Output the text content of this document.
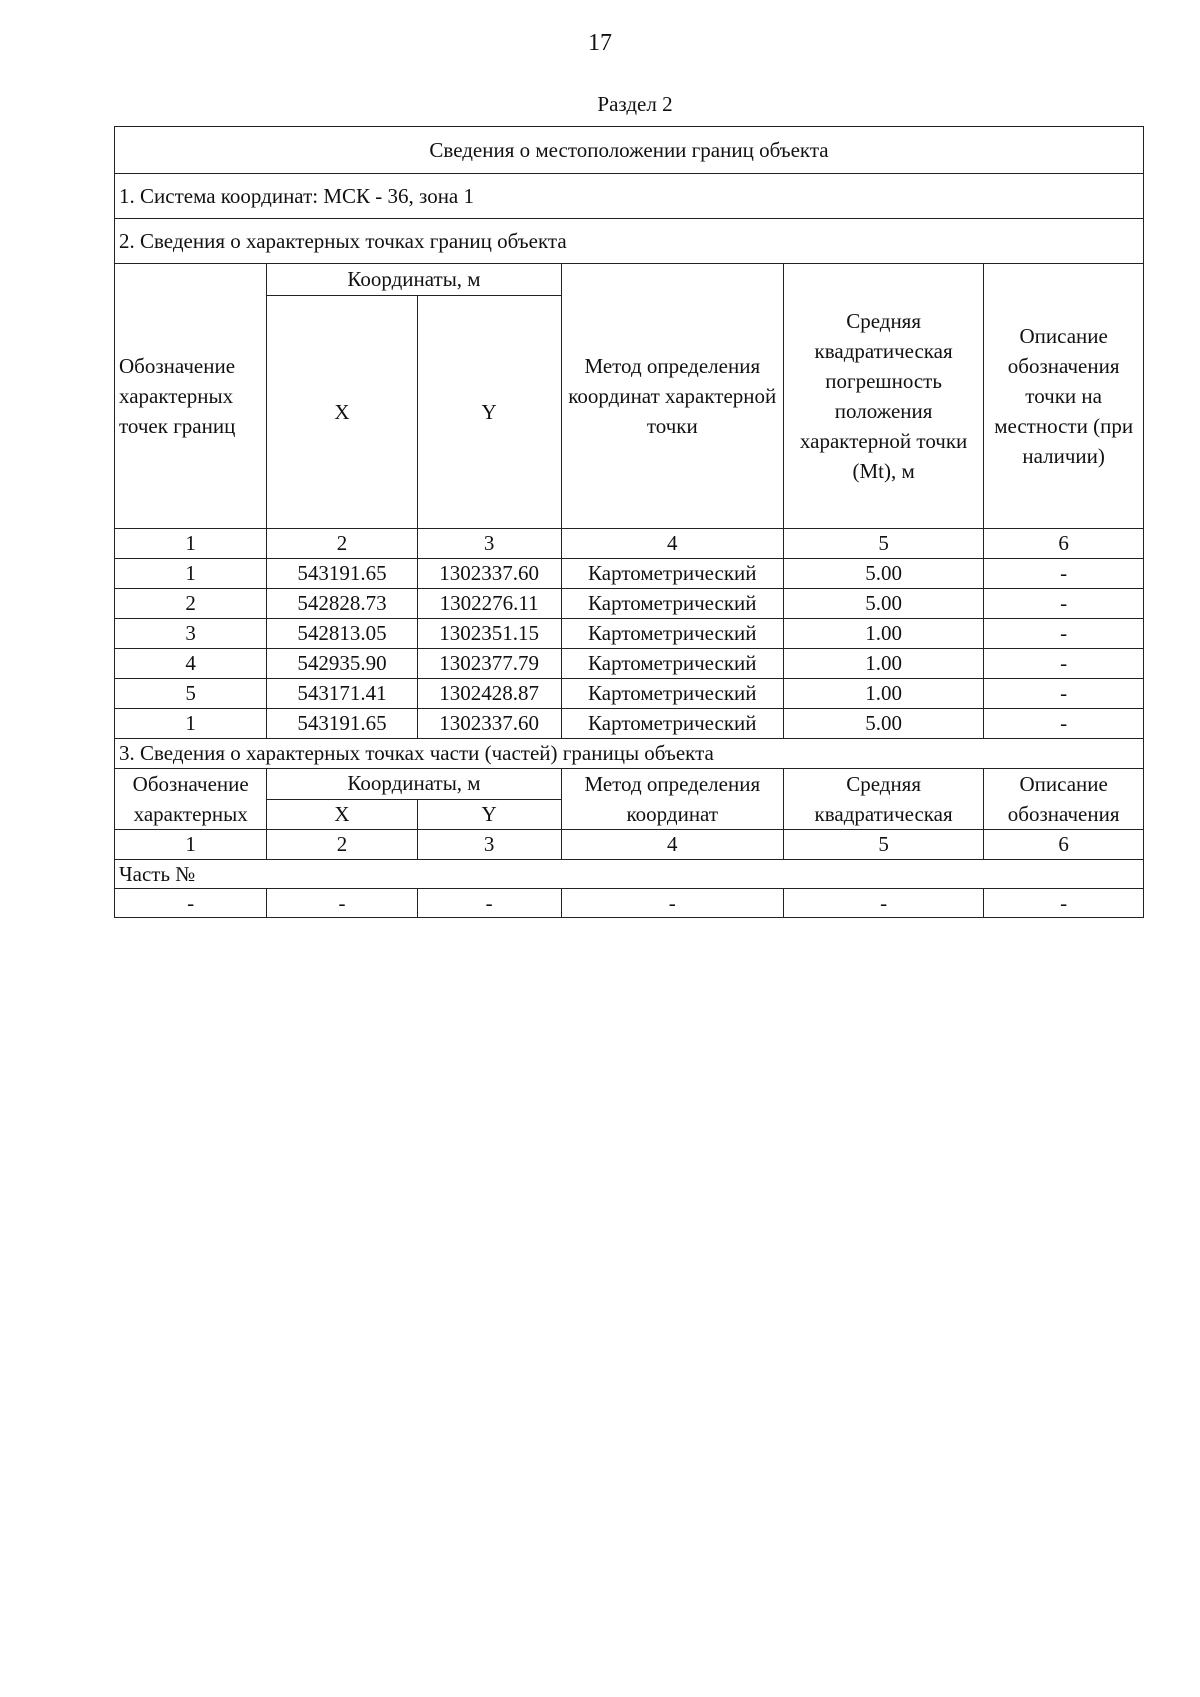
17
Раздел 2
Сведения о местоположении границ объекта					
1. Система координат: МСК - 36, зона 1					
2. Сведения о характерных точках границ объекта					
Обозначение характерных точек границ	Координаты, м		Метод определения координат характерной точки	Средняя квадратическая погрешность положения характерной точки (Mt), м	Описание обозначения точки на местности (при наличии)
	X	Y			
1	2	3	4	5	6
1	543191.65	1302337.60	Картометрический	5.00	-
2	542828.73	1302276.11	Картометрический	5.00	-
3	542813.05	1302351.15	Картометрический	1.00	-
4	542935.90	1302377.79	Картометрический	1.00	-
5	543171.41	1302428.87	Картометрический	1.00	-
1	543191.65	1302337.60	Картометрический	5.00	-
3. Сведения о характерных точках части (частей) границы объекта					
Обозначение характерных	Координаты, м		Метод определения координат	Средняя квадратическая	Описание обозначения
	X	Y			
1	2	3	4	5	6
Часть №					
-	-	-	-	-	-
